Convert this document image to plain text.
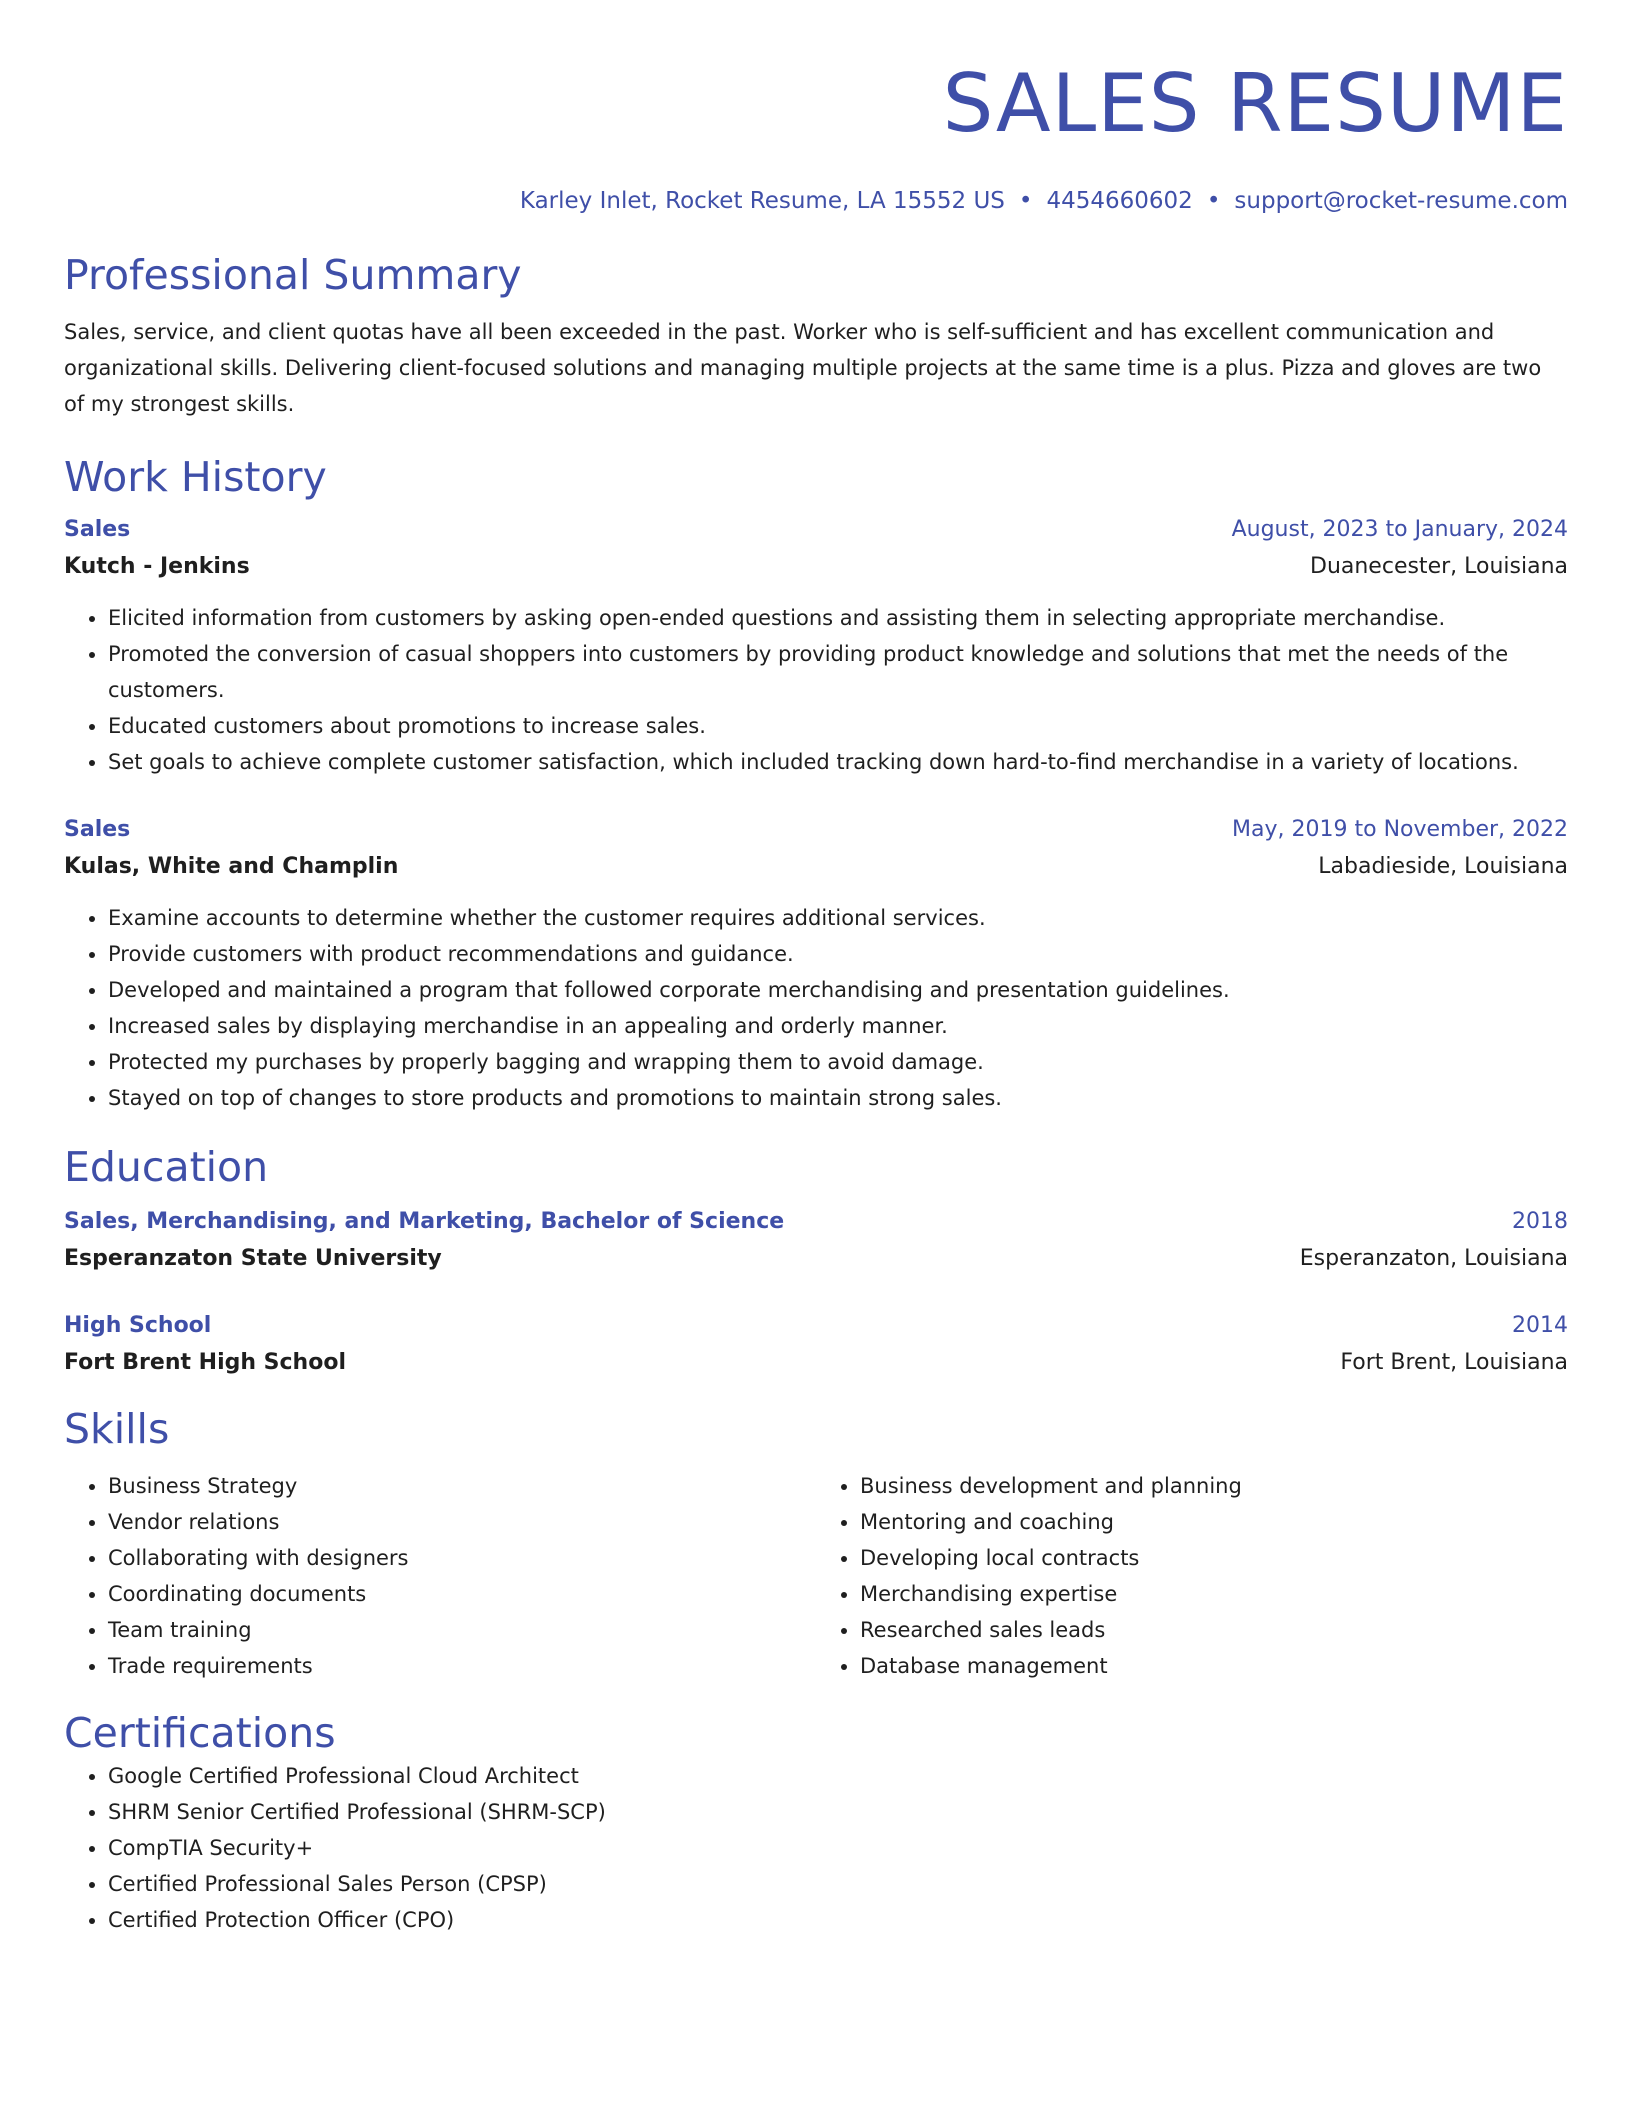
SALES RESUME
Karley Inlet, Rocket Resume, LA 15552 US • 4454660602 • support@rocket-resume.com
Professional Summary

Sales, service, and client quotas have all been exceeded in the past. Worker who is self-sufficient and has excellent communication and organizational skills. Delivering client-focused solutions and managing multiple projects at the same time is a plus. Pizza and gloves are two of my strongest skills.

Work History
Sales	August, 2023 to January, 2024
Kutch - Jenkins	Duanecester, Louisiana
• Elicited information from customers by asking open-ended questions and assisting them in selecting appropriate merchandise.
• Promoted the conversion of casual shoppers into customers by providing product knowledge and solutions that met the needs of the customers.
• Educated customers about promotions to increase sales.
• Set goals to achieve complete customer satisfaction, which included tracking down hard-to-find merchandise in a variety of locations.
Sales	May, 2019 to November, 2022
Kulas, White and Champlin	Labadieside, Louisiana
• Examine accounts to determine whether the customer requires additional services.
• Provide customers with product recommendations and guidance.
• Developed and maintained a program that followed corporate merchandising and presentation guidelines.
• Increased sales by displaying merchandise in an appealing and orderly manner.
• Protected my purchases by properly bagging and wrapping them to avoid damage.
• Stayed on top of changes to store products and promotions to maintain strong sales.
Education
Sales, Merchandising, and Marketing, Bachelor of Science	2018
Esperanzaton State University	Esperanzaton, Louisiana
High School	2014
Fort Brent High School	Fort Brent, Louisiana
Skills
• Business Strategy
• Vendor relations
• Collaborating with designers
• Coordinating documents
• Team training
• Trade requirements
• Business development and planning
• Mentoring and coaching
• Developing local contracts
• Merchandising expertise
• Researched sales leads
• Database management
Certifications
• Google Certified Professional Cloud Architect
• SHRM Senior Certified Professional (SHRM-SCP)
• CompTIA Security+
• Certified Professional Sales Person (CPSP)
• Certified Protection Officer (CPO)
